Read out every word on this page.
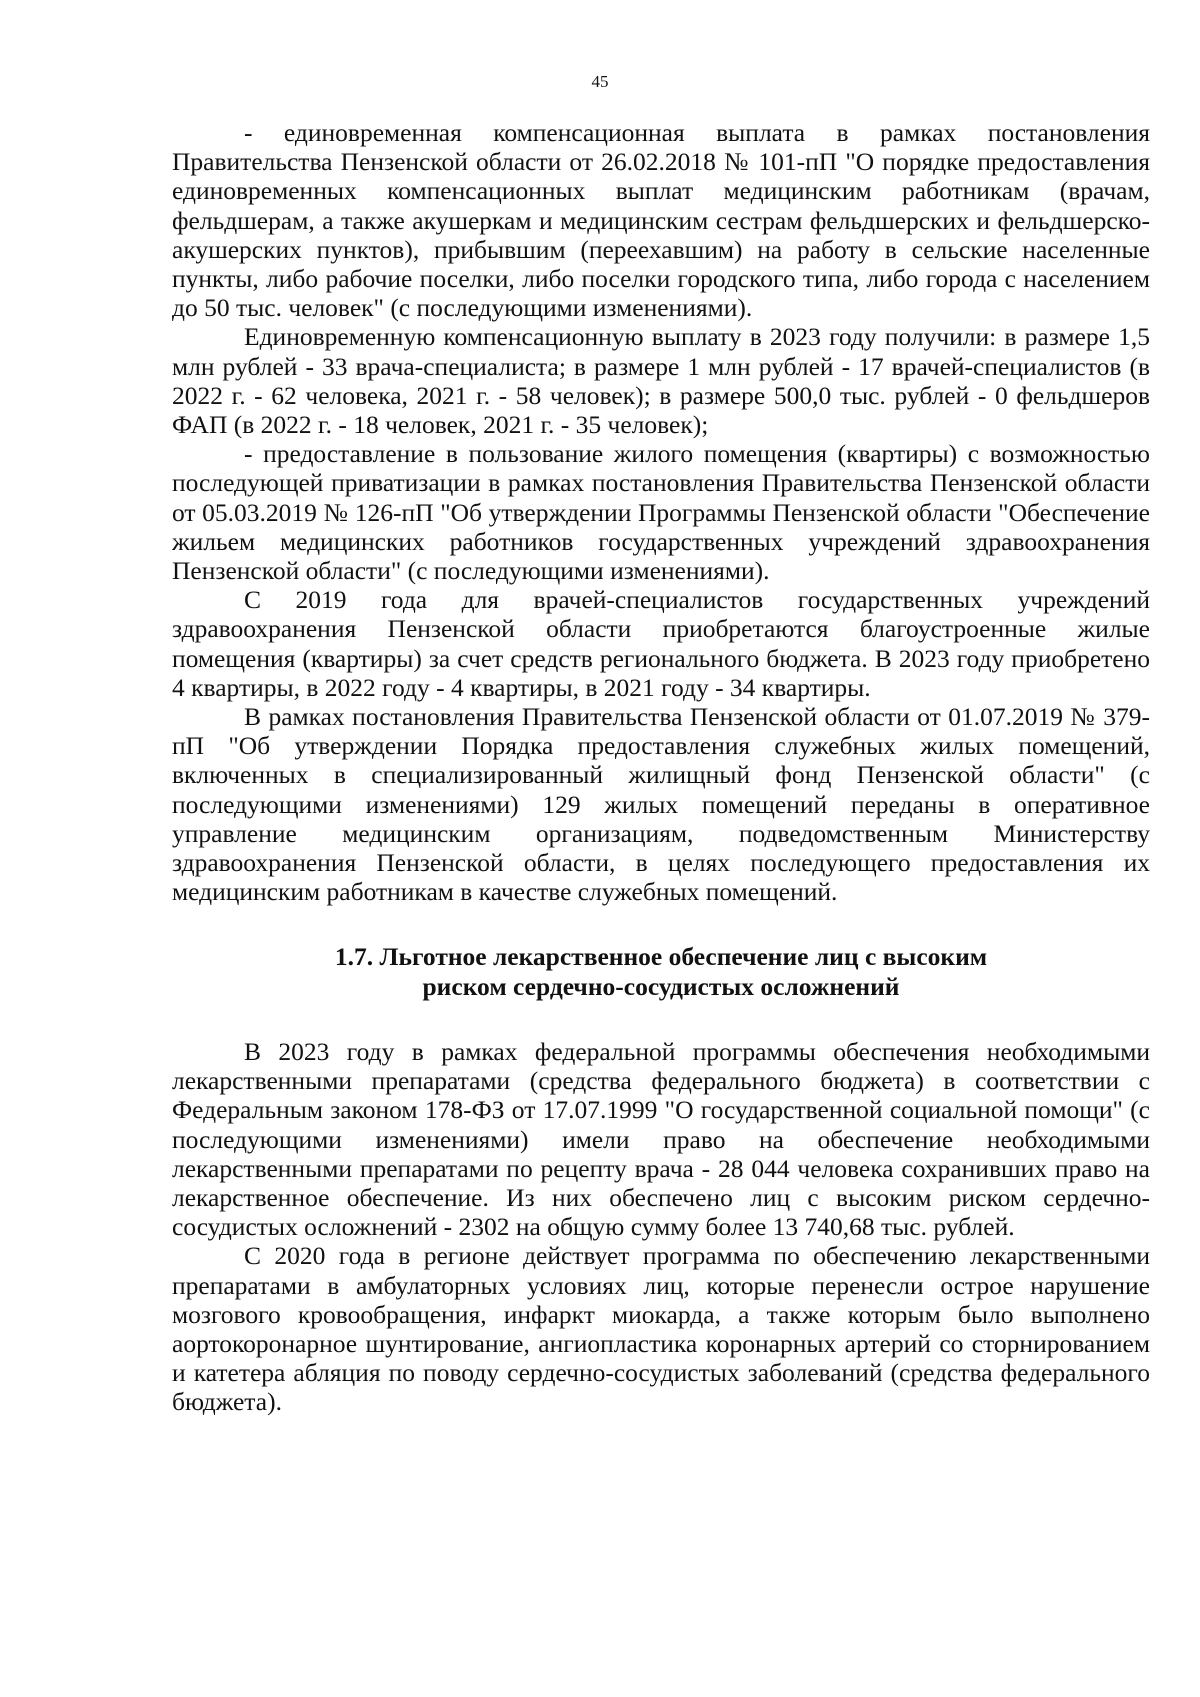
45

- единовременная компенсационная выплата в рамках постановления Правительства Пензенской области от 26.02.2018 № 101-пП "О порядке предоставления единовременных компенсационных выплат медицинским работникам (врачам, фельдшерам, а также акушеркам и медицинским сестрам фельдшерских и фельдшерско-акушерских пунктов), прибывшим (переехавшим) на работу в сельские населенные пункты, либо рабочие поселки, либо поселки городского типа, либо города с населением до 50 тыс. человек" (с последующими изменениями).

Единовременную компенсационную выплату в 2023 году получили: в размере 1,5 млн рублей - 33 врача-специалиста; в размере 1 млн рублей - 17 врачей-специалистов (в 2022 г. - 62 человека, 2021 г. - 58 человек); в размере 500,0 тыс. рублей - 0 фельдшеров ФАП (в 2022 г. - 18 человек, 2021 г. - 35 человек);

- предоставление в пользование жилого помещения (квартиры) с возможностью последующей приватизации в рамках постановления Правительства Пензенской области от 05.03.2019 № 126-пП "Об утверждении Программы Пензенской области "Обеспечение жильем медицинских работников государственных учреждений здравоохранения Пензенской области" (с последующими изменениями).

С 2019 года для врачей-специалистов государственных учреждений здравоохранения Пензенской области приобретаются благоустроенные жилые помещения (квартиры) за счет средств регионального бюджета. В 2023 году приобретено 4 квартиры, в 2022 году - 4 квартиры, в 2021 году - 34 квартиры.

В рамках постановления Правительства Пензенской области от 01.07.2019 № 379-пП "Об утверждении Порядка предоставления служебных жилых помещений, включенных в специализированный жилищный фонд Пензенской области" (с последующими изменениями) 129 жилых помещений переданы в оперативное управление медицинским организациям, подведомственным Министерству здравоохранения Пензенской области, в целях последующего предоставления их медицинским работникам в качестве служебных помещений.

1.7. Льготное лекарственное обеспечение лиц с высоким
риском сердечно-сосудистых осложнений

В 2023 году в рамках федеральной программы обеспечения необходимыми лекарственными препаратами (средства федерального бюджета) в соответствии с Федеральным законом 178-ФЗ от 17.07.1999 "О государственной социальной помощи" (с последующими изменениями) имели право на обеспечение необходимыми лекарственными препаратами по рецепту врача - 28 044 человека сохранивших право на лекарственное обеспечение. Из них обеспечено лиц с высоким риском сердечно-сосудистых осложнений - 2302 на общую сумму более 13 740,68 тыс. рублей.

С 2020 года в регионе действует программа по обеспечению лекарственными препаратами в амбулаторных условиях лиц, которые перенесли острое нарушение мозгового кровообращения, инфаркт миокарда, а также которым было выполнено аортокоронарное шунтирование, ангиопластика коронарных артерий со сторнированием и катетера абляция по поводу сердечно-сосудистых заболеваний (средства федерального бюджета).
